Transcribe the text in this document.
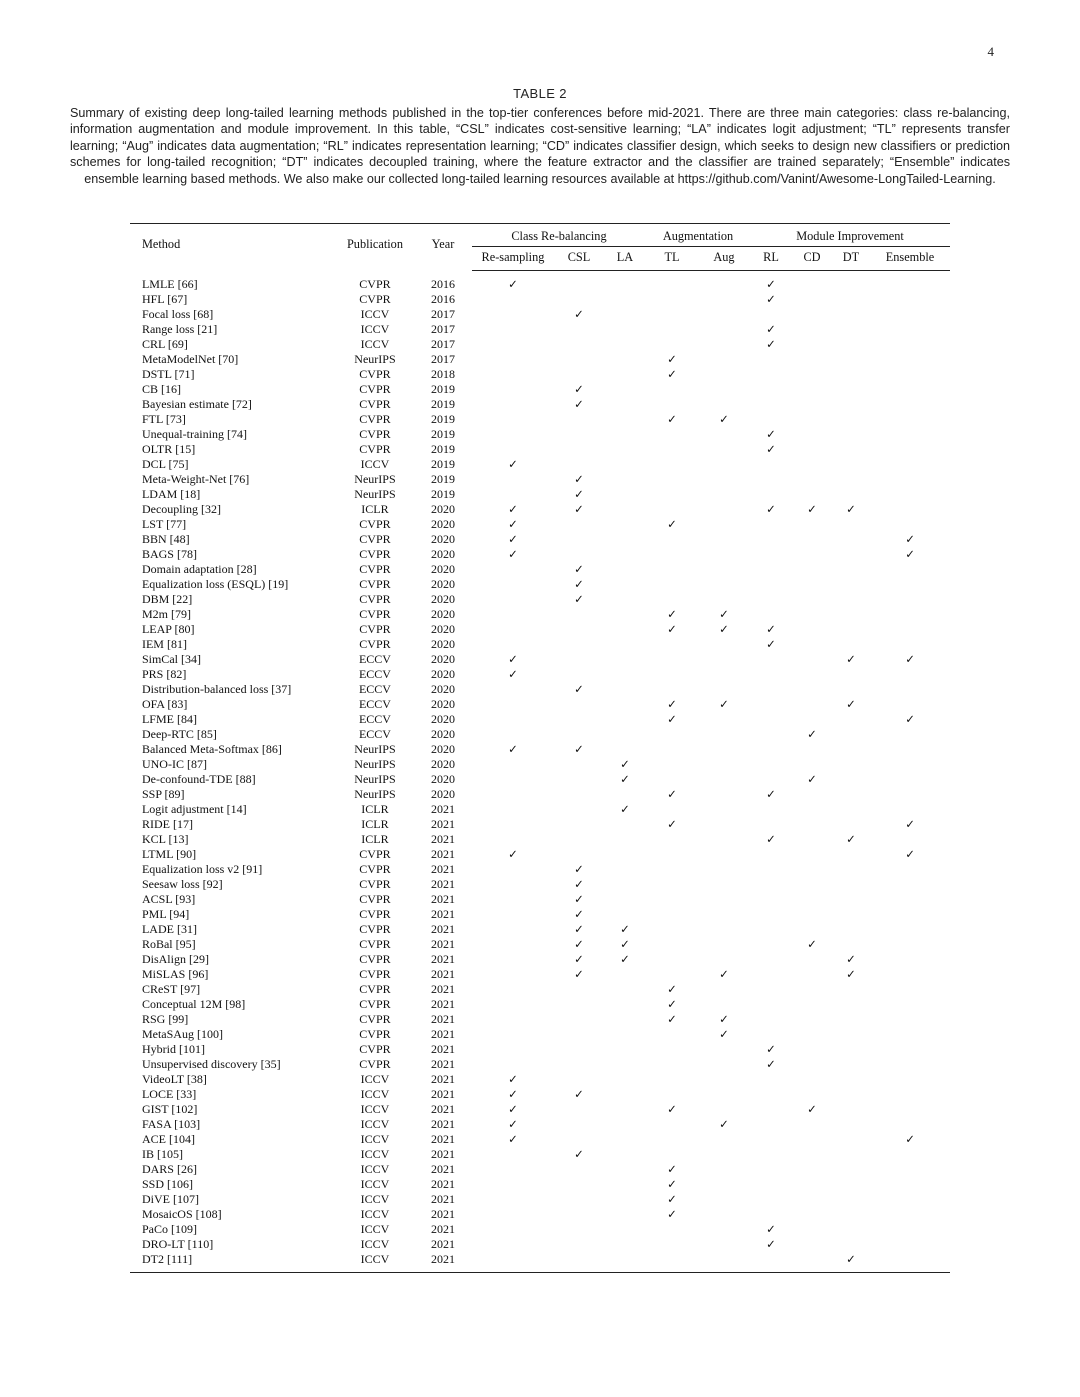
4
TABLE 2
Summary of existing deep long-tailed learning methods published in the top-tier conferences before mid-2021. There are three main categories: class re-balancing, information augmentation and module improvement. In this table, “CSL” indicates cost-sensitive learning; “LA” indicates logit adjustment; “TL” represents transfer learning; “Aug” indicates data augmentation; “RL” indicates representation learning; “CD” indicates classifier design, which seeks to design new classifiers or prediction schemes for long-tailed recognition; “DT” indicates decoupled training, where the feature extractor and the classifier are trained separately; “Ensemble” indicates ensemble learning based methods. We also make our collected long-tailed learning resources available at https://github.com/Vanint/Awesome-LongTailed-Learning.
Method	Publication	Year	Class Re-balancing			Augmentation		Module Improvement			
			Re-sampling	CSL	LA	TL	Aug	RL	CD	DT	Ensemble
LMLE [66]	CVPR	2016	✓					✓			
HFL [67]	CVPR	2016						✓			
Focal loss [68]	ICCV	2017		✓							
Range loss [21]	ICCV	2017						✓			
CRL [69]	ICCV	2017						✓			
MetaModelNet [70]	NeurIPS	2017				✓					
DSTL [71]	CVPR	2018				✓					
CB [16]	CVPR	2019		✓							
Bayesian estimate [72]	CVPR	2019		✓							
FTL [73]	CVPR	2019				✓	✓				
Unequal-training [74]	CVPR	2019						✓			
OLTR [15]	CVPR	2019						✓			
DCL [75]	ICCV	2019	✓								
Meta-Weight-Net [76]	NeurIPS	2019		✓							
LDAM [18]	NeurIPS	2019		✓							
Decoupling [32]	ICLR	2020	✓	✓				✓	✓	✓	
LST [77]	CVPR	2020	✓			✓					
BBN [48]	CVPR	2020	✓								✓
BAGS [78]	CVPR	2020	✓								✓
Domain adaptation [28]	CVPR	2020		✓							
Equalization loss (ESQL) [19]	CVPR	2020		✓							
DBM [22]	CVPR	2020		✓							
M2m [79]	CVPR	2020				✓	✓				
LEAP [80]	CVPR	2020				✓	✓	✓			
IEM [81]	CVPR	2020						✓			
SimCal [34]	ECCV	2020	✓							✓	✓
PRS [82]	ECCV	2020	✓								
Distribution-balanced loss [37]	ECCV	2020		✓							
OFA [83]	ECCV	2020				✓	✓			✓	
LFME [84]	ECCV	2020				✓					✓
Deep-RTC [85]	ECCV	2020							✓		
Balanced Meta-Softmax [86]	NeurIPS	2020	✓	✓							
UNO-IC [87]	NeurIPS	2020			✓						
De-confound-TDE [88]	NeurIPS	2020			✓				✓		
SSP [89]	NeurIPS	2020				✓		✓			
Logit adjustment [14]	ICLR	2021			✓						
RIDE [17]	ICLR	2021				✓					✓
KCL [13]	ICLR	2021						✓		✓	
LTML [90]	CVPR	2021	✓								✓
Equalization loss v2 [91]	CVPR	2021		✓							
Seesaw loss [92]	CVPR	2021		✓							
ACSL [93]	CVPR	2021		✓							
PML [94]	CVPR	2021		✓							
LADE [31]	CVPR	2021		✓	✓						
RoBal [95]	CVPR	2021		✓	✓				✓		
DisAlign [29]	CVPR	2021		✓	✓					✓	
MiSLAS [96]	CVPR	2021		✓			✓			✓	
CReST [97]	CVPR	2021				✓					
Conceptual 12M [98]	CVPR	2021				✓					
RSG [99]	CVPR	2021				✓	✓				
MetaSAug [100]	CVPR	2021					✓				
Hybrid [101]	CVPR	2021						✓			
Unsupervised discovery [35]	CVPR	2021						✓			
VideoLT [38]	ICCV	2021	✓								
LOCE [33]	ICCV	2021	✓	✓							
GIST [102]	ICCV	2021	✓			✓			✓		
FASA [103]	ICCV	2021	✓				✓				
ACE [104]	ICCV	2021	✓								✓
IB [105]	ICCV	2021		✓							
DARS [26]	ICCV	2021				✓					
SSD [106]	ICCV	2021				✓					
DiVE [107]	ICCV	2021				✓					
MosaicOS [108]	ICCV	2021				✓					
PaCo [109]	ICCV	2021						✓			
DRO-LT [110]	ICCV	2021						✓			
DT2 [111]	ICCV	2021								✓	
